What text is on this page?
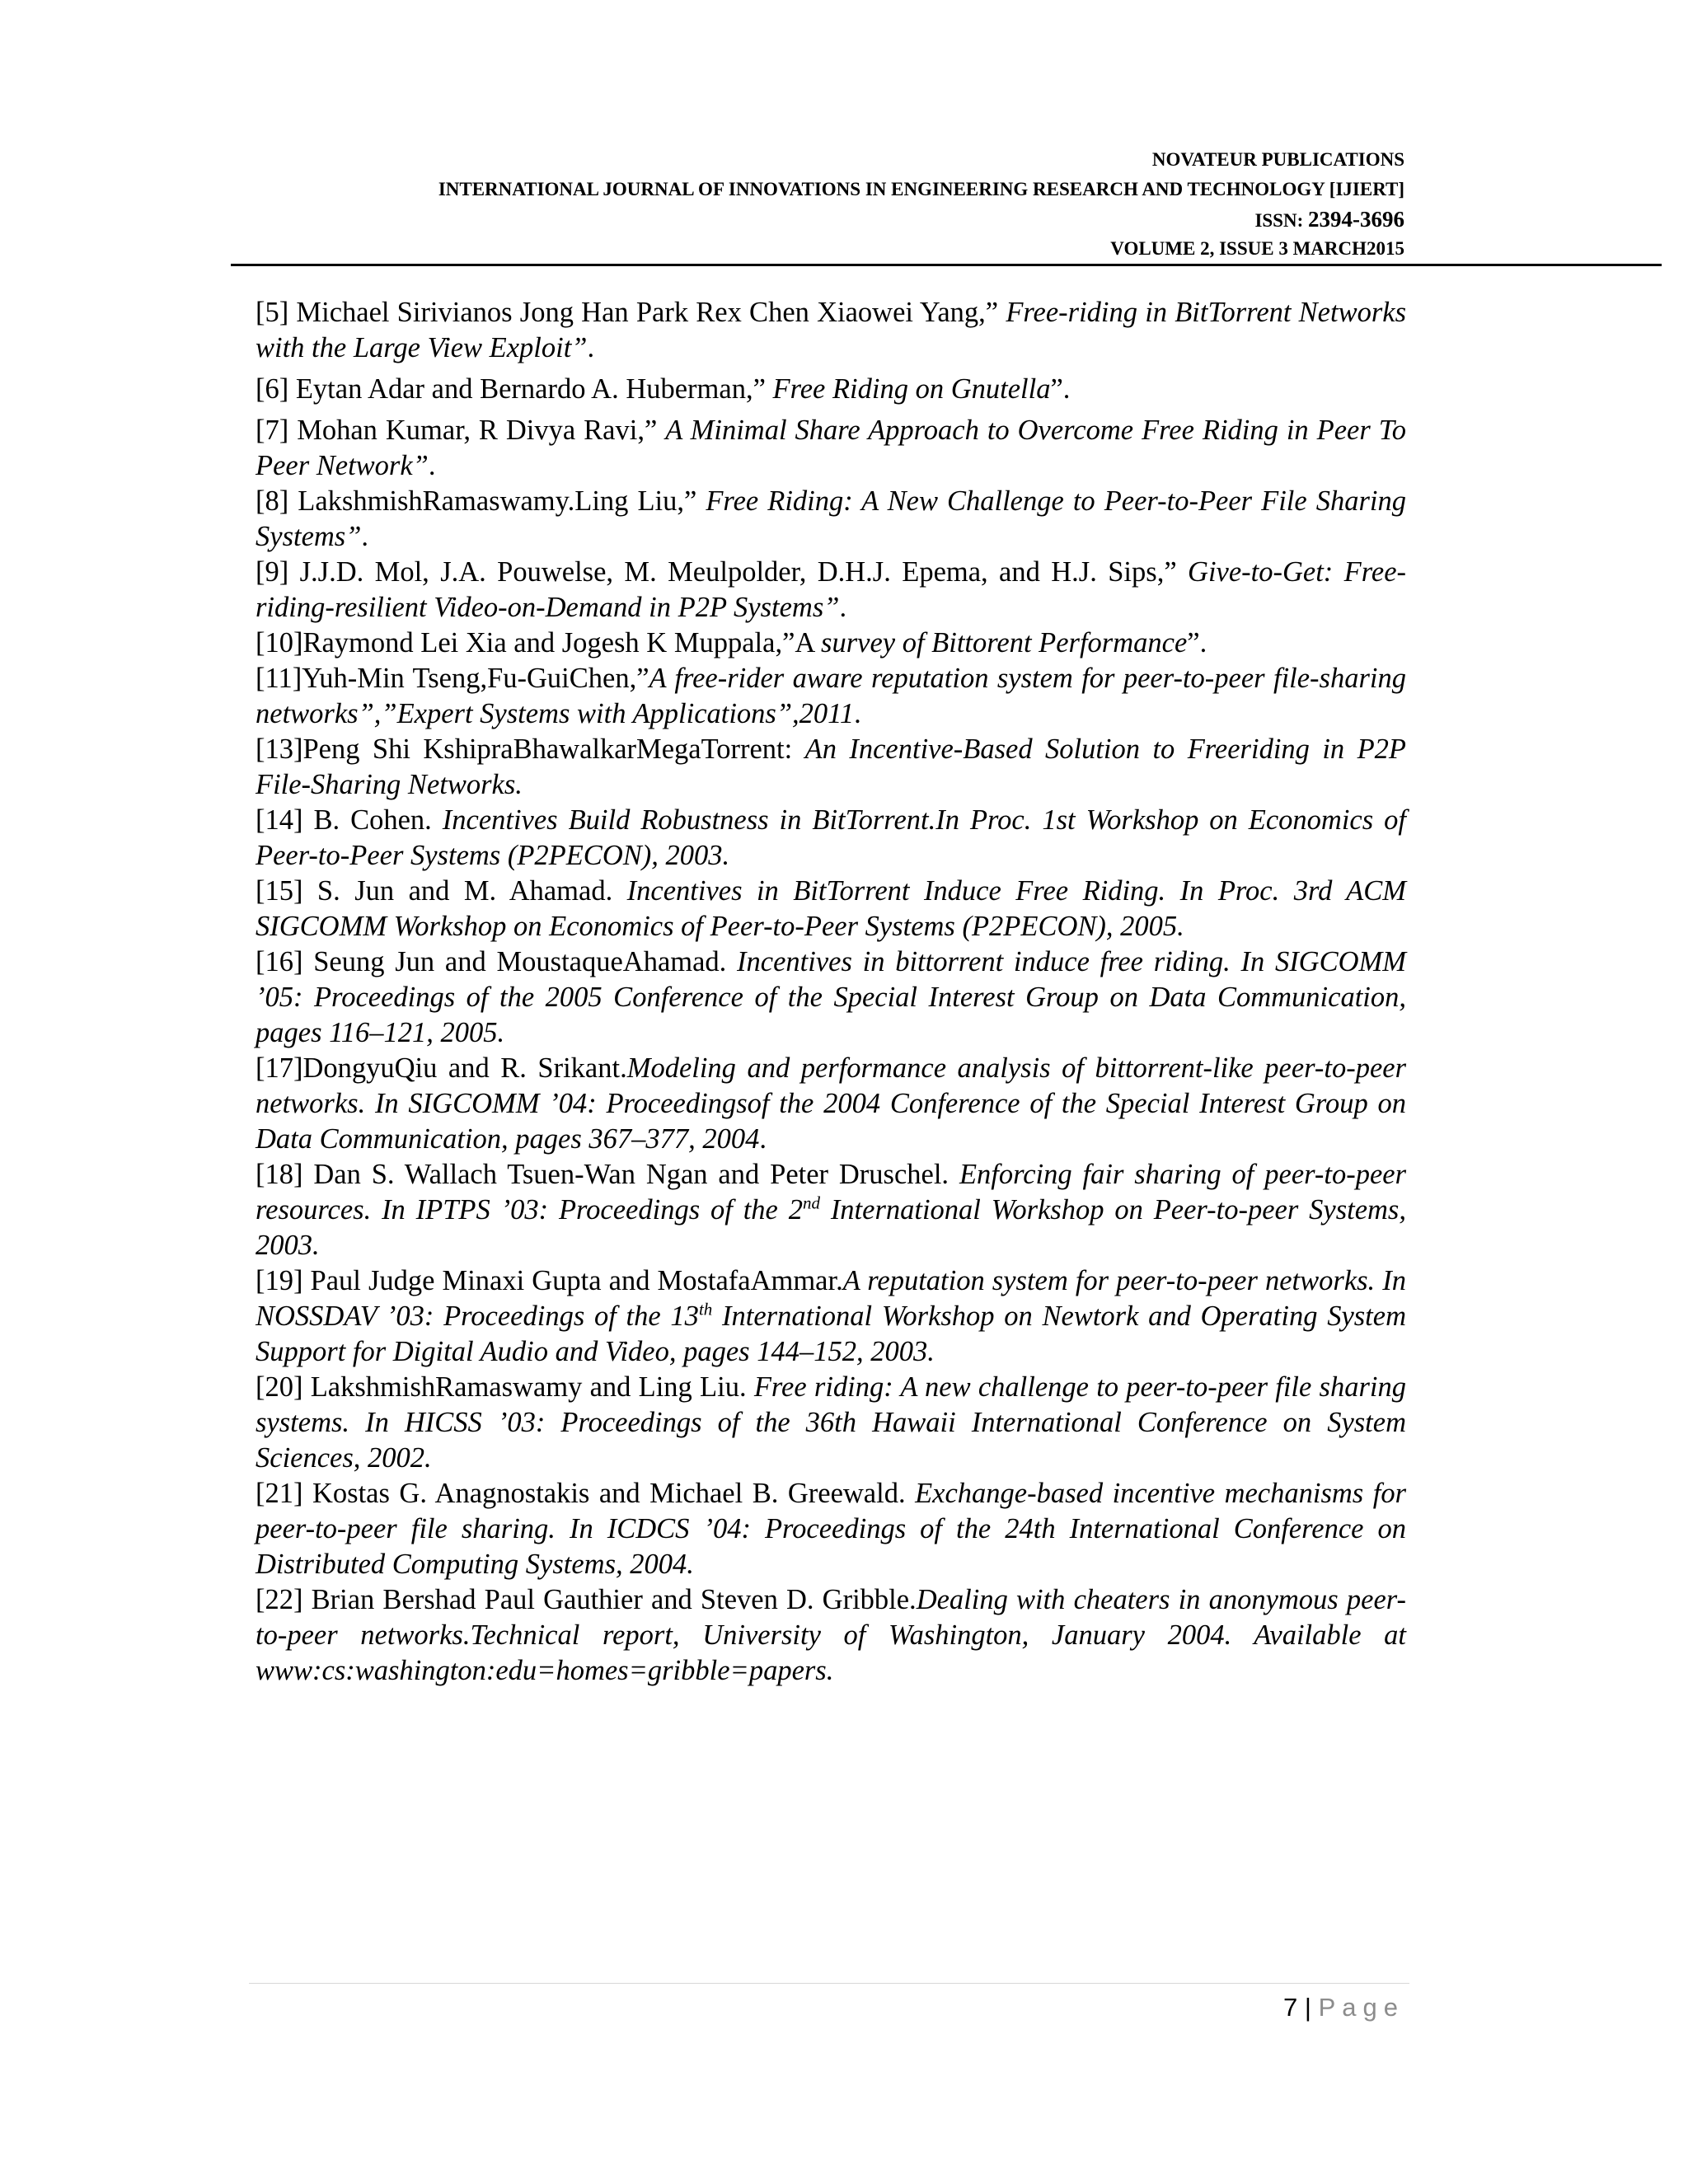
NOVATEUR PUBLICATIONS
INTERNATIONAL JOURNAL OF INNOVATIONS IN ENGINEERING RESEARCH AND TECHNOLOGY [IJIERT]
ISSN: 2394-3696
VOLUME 2, ISSUE 3 MARCH2015

[5] Michael Sirivianos Jong Han Park Rex Chen Xiaowei Yang,” Free-riding in BitTorrent Networks with the Large View Exploit”.

[6] Eytan Adar and Bernardo A. Huberman,” Free Riding on Gnutella”.

[7] Mohan Kumar, R Divya Ravi,” A Minimal Share Approach to Overcome Free Riding in Peer To Peer Network”.

[8] LakshmishRamaswamy.Ling Liu,” Free Riding: A New Challenge to Peer-to-Peer File Sharing Systems”.

[9] J.J.D. Mol, J.A. Pouwelse, M. Meulpolder, D.H.J. Epema, and H.J. Sips,” Give-to-Get: Free-riding-resilient Video-on-Demand in P2P Systems”.

[10]Raymond Lei Xia and Jogesh K Muppala,”A survey of Bittorent Performance”.

[11]Yuh-Min Tseng,Fu-GuiChen,”A free-rider aware reputation system for peer-to-peer file-sharing networks”,”Expert Systems with Applications”,2011.

[13]Peng Shi KshipraBhawalkarMegaTorrent: An Incentive-Based Solution to Freeriding in P2P File-Sharing Networks.

[14] B. Cohen. Incentives Build Robustness in BitTorrent.In Proc. 1st Workshop on Economics of Peer-to-Peer Systems (P2PECON), 2003.

[15] S. Jun and M. Ahamad. Incentives in BitTorrent Induce Free Riding. In Proc. 3rd ACM SIGCOMM Workshop on Economics of Peer-to-Peer Systems (P2PECON), 2005.

[16] Seung Jun and MoustaqueAhamad. Incentives in bittorrent induce free riding. In SIGCOMM ’05: Proceedings of the 2005 Conference of the Special Interest Group on Data Communication, pages 116–121, 2005.

[17]DongyuQiu and R. Srikant.Modeling and performance analysis of bittorrent-like peer-to-peer networks. In SIGCOMM ’04: Proceedingsof the 2004 Conference of the Special Interest Group on Data Communication, pages 367–377, 2004.

[18] Dan S. Wallach Tsuen-Wan Ngan and Peter Druschel. Enforcing fair sharing of peer-to-peer resources. In IPTPS ’03: Proceedings of the 2nd International Workshop on Peer-to-peer Systems, 2003.

[19] Paul Judge Minaxi Gupta and MostafaAmmar.A reputation system for peer-to-peer networks. In NOSSDAV ’03: Proceedings of the 13th International Workshop on Newtork and Operating System Support for Digital Audio and Video, pages 144–152, 2003.

[20] LakshmishRamaswamy and Ling Liu. Free riding: A new challenge to peer-to-peer file sharing systems. In HICSS ’03: Proceedings of the 36th Hawaii International Conference on System Sciences, 2002.

[21] Kostas G. Anagnostakis and Michael B. Greewald. Exchange-based incentive mechanisms for peer-to-peer file sharing. In ICDCS ’04: Proceedings of the 24th International Conference on Distributed Computing Systems, 2004.

[22] Brian Bershad Paul Gauthier and Steven D. Gribble.Dealing with cheaters in anonymous peer-to-peer networks.Technical report, University of Washington, January 2004. Available at www:cs:washington:edu=homes=gribble=papers.

7 | Page
